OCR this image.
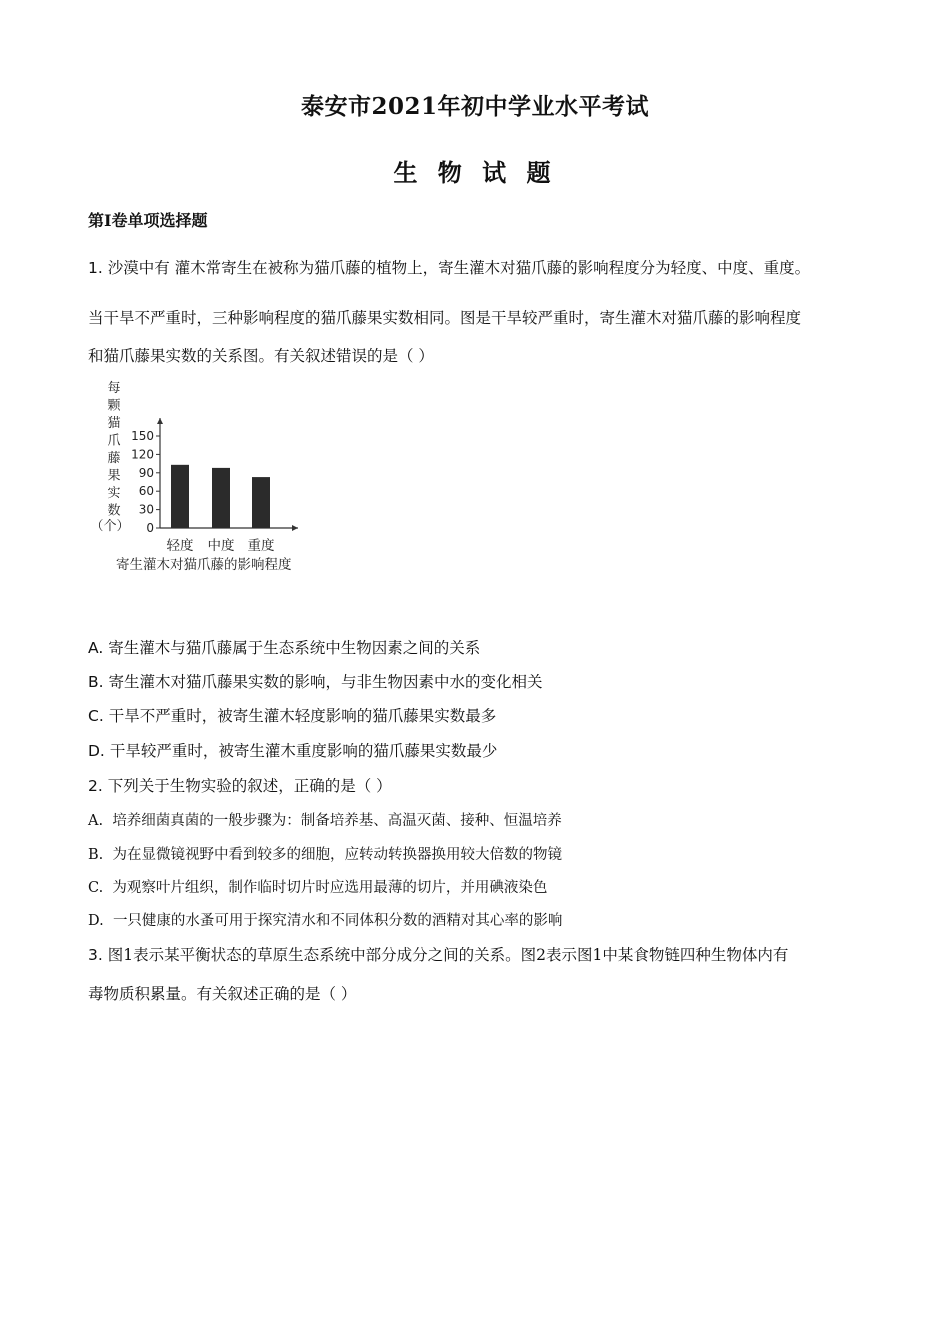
泰安市2021年初中学业水平考试
生 物 试 题
第I卷单项选择题
1. 沙漠中有 灌木常寄生在被称为猫爪藤的植物上，寄生灌木对猫爪藤的影响程度分为轻度、中度、重度。
当干旱不严重时，三种影响程度的猫爪藤果实数相同。图是干旱较严重时，寄生灌木对猫爪藤的影响程度
和猫爪藤果实数的关系图。有关叙述错误的是（ ）
每
颗
猫
爪
藤
果
实
数
（个）
150
120
90
60
30
0
轻度 中度 重度
寄生灌木对猫爪藤的影响程度
A. 寄生灌木与猫爪藤属于生态系统中生物因素之间的关系
B. 寄生灌木对猫爪藤果实数的影响，与非生物因素中水的变化相关
C. 干旱不严重时，被寄生灌木轻度影响的猫爪藤果实数最多
D. 干旱较严重时，被寄生灌木重度影响的猫爪藤果实数最少
2. 下列关于生物实验的叙述，正确的是（ ）
A. 培养细菌真菌的一般步骤为：制备培养基、高温灭菌、接种、恒温培养
B. 为在显微镜视野中看到较多的细胞，应转动转换器换用较大倍数的物镜
C. 为观察叶片组织，制作临时切片时应选用最薄的切片，并用碘液染色
D. 一只健康的水蚤可用于探究清水和不同体积分数的酒精对其心率的影响
3. 图1表示某平衡状态的草原生态系统中部分成分之间的关系。图2表示图1中某食物链四种生物体内有
毒物质积累量。有关叙述正确的是（ ）
